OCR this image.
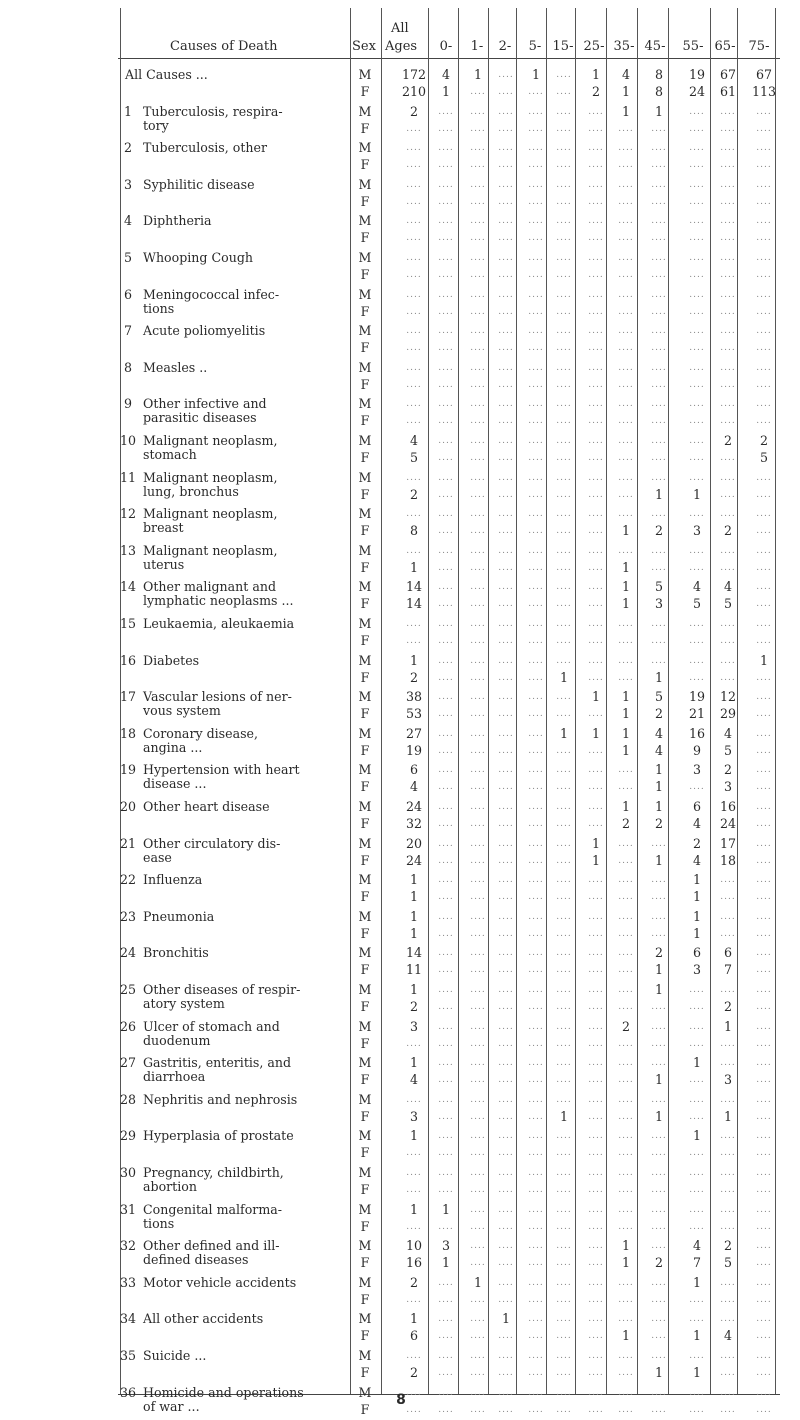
Causes of Death	Sex
All
Ages	0-	1-	2-	5- 15- 25- 35- 45-	55- 65-	75-
All Causes ...	M	172	4	1	....	1	....	1	4	8	19	67	67
F	210	1	....	....	....	....	2	1	8	24	61	113
1 Tuberculosis, respira-
tory
M	2	....	....	....	....	....	....	1	1	....	....	....
F	....	....	....	....	....	....	....	....	....	....	....	....
2 Tuberculosis, other	M	....	....	....	....	....	....	....	....	....	....	....	....
F	....	....	....	....	....	....	....	....	....	....	....	....
3 Syphilitic disease	M	....	....	....	....	....	....	....	....	....	....	....	....
F	....	....	....	....	....	....	....	....	....	....	....	....
4 Diphtheria	M	....	....	....	....	....	....	....	....	....	....	....	....
F	....	....	....	....	....	....	....	....	....	....	....	....
5 Whooping Cough	M	....	....	....	....	....	....	....	....	....	....	....	....
F	....	....	....	....	....	....	....	....	....	....	....	....
6 Meningococcal infec-
tions
M	....	....	....	....	....	....	....	....	....	....	....	....
F	....	....	....	....	....	....	....	....	....	....	....	....
7 Acute poliomyelitis	M	....	....	....	....	....	....	....	....	....	....	....	....
F	....	....	....	....	....	....	....	....	....	....	....	....
8 Measles ..	M	....	....	....	....	....	....	....	....	....	....	....	....
F	....	....	....	....	....	....	....	....	....	....	....	....
9 Other infective and
parasitic diseases
M	....	....	....	....	....	....	....	....	....	....	....	....
F	....	....	....	....	....	....	....	....	....	....	....	....
10 Malignant neoplasm,
stomach
M	4	....	....	....	....	....	....	....	....	....	2	2
F	5	....	....	....	....	....	....	....	....	....	....	5
11 Malignant neoplasm,
lung, bronchus
M	....	....	....	....	....	....	....	....	....	....	....	....
F	2	....	....	....	....	....	....	....	1	1	....	....
12 Malignant neoplasm,
breast
M	....	....	....	....	....	....	....	....	....	....	....	....
F	8	....	....	....	....	....	....	1	2	3	2	....
13 Malignant neoplasm,
uterus
M	....	....	....	....	....	....	....	....	....	....	....	....
F	1	....	....	....	....	....	....	1	....	....	....	....
14 Other malignant and
lymphatic neoplasms ...
M	14	....	....	....	....	....	....	1	5	4	4	....
F	14	....	....	....	....	....	....	1	3	5	5	....
15 Leukaemia, aleukaemia	M	....	....	....	....	....	....	....	....	....	....	....	....
F	....	....	....	....	....	....	....	....	....	....	....	....
16 Diabetes	M	1	....	....	....	....	....	....	....	....	....	....	1
F	2	....	....	....	....	1	....	....	1	....	....	....
17 Vascular lesions of ner-
vous system
M	38	....	....	....	....	....	1	1	5	19	12	....
F	53	....	....	....	....	....	....	1	2	21	29	....
18 Coronary disease,
angina ...
M	27	....	....	....	....	1	1	1	4	16	4	....
F	19	....	....	....	....	....	....	1	4	9	5	....
19 Hypertension with heart
disease ...
M	6	....	....	....	....	....	....	....	1	3	2	....
F	4	....	....	....	....	....	....	....	1	....	3	....
20 Other heart disease	M	24	....	....	....	....	....	....	1	1	6	16	....
F	32	....	....	....	....	....	....	2	2	4	24	....
21 Other circulatory dis-
ease
M	20	....	....	....	....	....	1	....	....	2	17	....
F	24	....	....	....	....	....	1	....	1	4	18	....
22 Influenza	M	1	....	....	....	....	....	....	....	....	1	....	....
F	1	....	....	....	....	....	....	....	....	1	....	....
23 Pneumonia	M	1	....	....	....	....	....	....	....	....	1	....	....
F	1	....	....	....	....	....	....	....	....	1	....	....
24 Bronchitis	M	14	....	....	....	....	....	....	....	2	6	6	....
F	11	....	....	....	....	....	....	....	1	3	7	....
25 Other diseases of respir-
atory system
M	1	....	....	....	....	....	....	....	1	....	....	....
F	2	....	....	....	....	....	....	....	....	....	2	....
26 Ulcer of stomach and
duodenum
M	3	....	....	....	....	....	....	2	....	....	1	....
F	....	....	....	....	....	....	....	....	....	....	....	....
27 Gastritis, enteritis, and
diarrhoea
M	1	....	....	....	....	....	....	....	....	1	....	....
F	4	....	....	....	....	....	....	....	1	....	3	....
28 Nephritis and nephrosis	M	....	....	....	....	....	....	....	....	....	....	....	....
F	3	....	....	....	....	1	....	....	1	....	1	....
29 Hyperplasia of prostate	M	1	....	....	....	....	....	....	....	....	1	....	....
F	....	....	....	....	....	....	....	....	....	....	....	....
30 Pregnancy, childbirth,
abortion
M	....	....	....	....	....	....	....	....	....	....	....	....
F	....	....	....	....	....	....	....	....	....	....	....	....
31 Congenital malforma-
tions
M	1	1	....	....	....	....	....	....	....	....	....	....
F	....	....	....	....	....	....	....	....	....	....	....	....
32 Other defined and ill-
defined diseases
M	10	3	....	....	....	....	....	1	....	4	2	....
F	16	1	....	....	....	....	....	1	2	7	5	....
33 Motor vehicle accidents	M	2	....	1	....	....	....	....	....	....	1	....	....
F	....	....	....	....	....	....	....	....	....	....	....	....
34 All other accidents	M	1	....	....	1	....	....	....	....	....	....	....	....
F	6	....	....	....	....	....	....	1	....	1	4	....
35 Suicide ...	M	....	....	....	....	....	....	....	....	....	....	....	....
F	2	....	....	....	....	....	....	....	1	1	....	....
36 Homicide and operations
of war ...
M	....	....	....	....	....	....	....	....	....	....	....	....
F	....	....	....	....	....	....	....	....	....	....	....	....
8
